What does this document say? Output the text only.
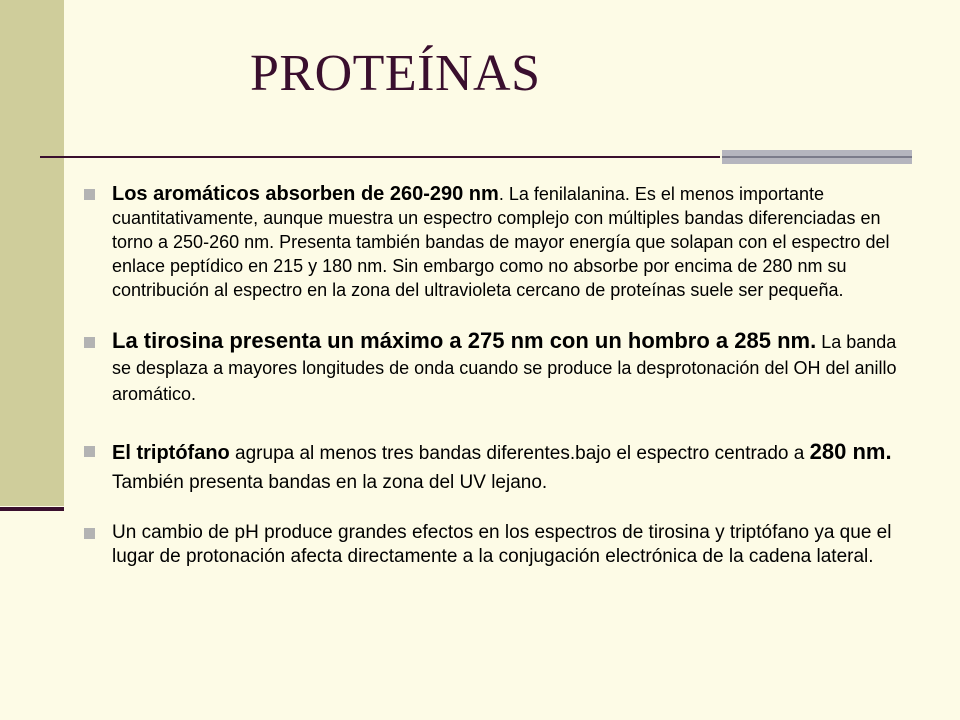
PROTEÍNAS
Los aromáticos absorben de 260-290 nm. La fenilalanina. Es el menos importante cuantitativamente, aunque muestra un espectro complejo con múltiples bandas diferenciadas en torno a 250-260 nm. Presenta también bandas de mayor energía que solapan con el espectro del enlace peptídico en 215 y 180 nm. Sin embargo como no absorbe por encima de 280 nm su contribución al espectro en la zona del ultravioleta cercano de proteínas suele ser pequeña.
La tirosina presenta un máximo a 275 nm con un hombro a 285 nm. La banda se desplaza a mayores longitudes de onda cuando se produce la desprotonación del OH del anillo aromático.
El triptófano agrupa al menos tres bandas diferentes.bajo el espectro centrado a 280 nm. También presenta bandas en la zona del UV lejano.
Un cambio de pH produce grandes efectos en los espectros de tirosina y triptófano ya que el lugar de protonación afecta directamente a la conjugación electrónica de la cadena lateral.
